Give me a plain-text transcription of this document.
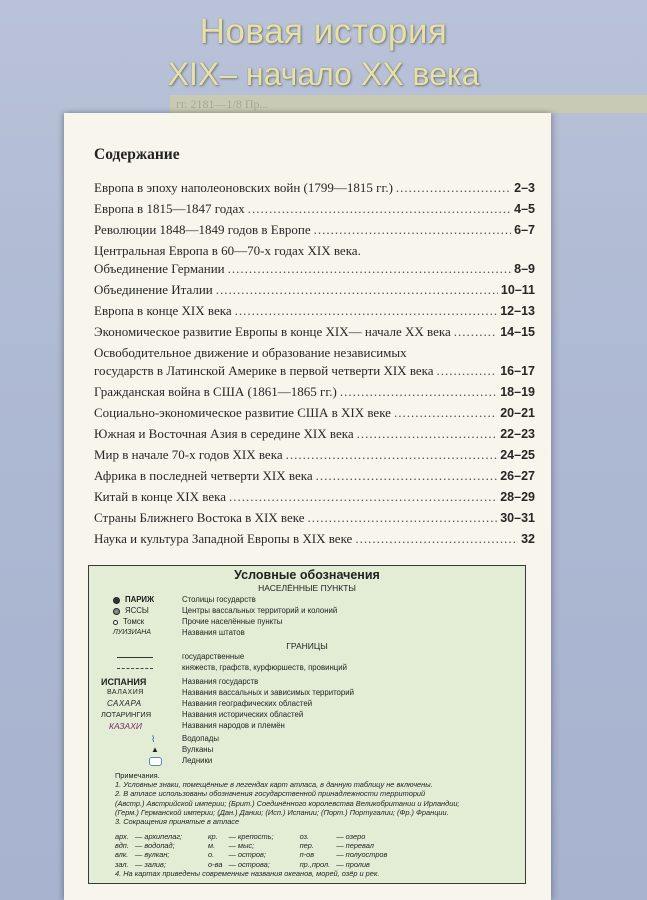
Новая история
XIX– начало XX века
гг. 2181—1/8 Пр...
Содержание
Европа в эпоху наполеоновских войн (1799—1815 гг.) .....	2–3
Европа в 1815—1847 годах .....	4–5
Революции 1848—1849 годов в Европе .....	6–7
Центральная Европа в 60—70-х годах XIX века.
Объединение Германии .....	8–9
Объединение Италии .....	10–11
Европа в конце XIX века .....	12–13
Экономическое развитие Европы в конце XIX— начале XX века .....	14–15
Освободительное движение и образование независимых
государств в Латинской Америке в первой четверти XIX века .....	16–17
Гражданская война в США (1861—1865 гг.) .....	18–19
Социально-экономическое развитие США в XIX веке .....	20–21
Южная и Восточная Азия в середине XIX века .....	22–23
Мир в начале 70-х годов XIX века .....	24–25
Африка в последней четверти XIX века .....	26–27
Китай в конце XIX века .....	28–29
Страны Ближнего Востока в XIX веке .....	30–31
Наука и культура Западной Европы в XIX веке .....	32
Условные обозначения
НАСЕЛЁННЫЕ ПУНКТЫ
ПАРИЖ	Столицы государств
ЯССЫ	Центры вассальных территорий и колоний
Томск	Прочие населённые пункты
ЛУИЗИАНА	Названия штатов
ГРАНИЦЫ
государственные
княжеств, графств, курфюршеств, провинций
ИСПАНИЯ	Названия государств
ВАЛАХИЯ	Названия вассальных и зависимых территорий
САХАРА	Названия географических областей
ЛОТАРИНГИЯ	Названия исторических областей
КАЗАХИ	Названия народов и племён
⌇	Водопады
▲	Вулканы
Ледники
Примечания.
1. Условные знаки, помещённые в легендах карт атласа, в данную таблицу не включены.
2. В атласе использованы обозначения государственной принадлежности территорий
(Австр.) Австрийской империи; (Брит.) Соединённого королевства Великобритании и Ирландии;
(Герм.) Германской империи; (Дан.) Дании; (Исп.) Испании; (Порт.) Португалии; (Фр.) Франции.
3. Сокращения принятые в атласе
арх.	— архипелаг;	кр.	— крепость;	оз.	— озеро
вдп.	— водопад;	м.	— мыс;	пер.	— перевал
влк.	— вулкан;	о.	— остров;	п-ов	— полуостров
зал.	— залив;	о-ва	— острова;	пр.,прол.	— пролив
4. На картах приведены современные названия океанов, морей, озёр и рек.
